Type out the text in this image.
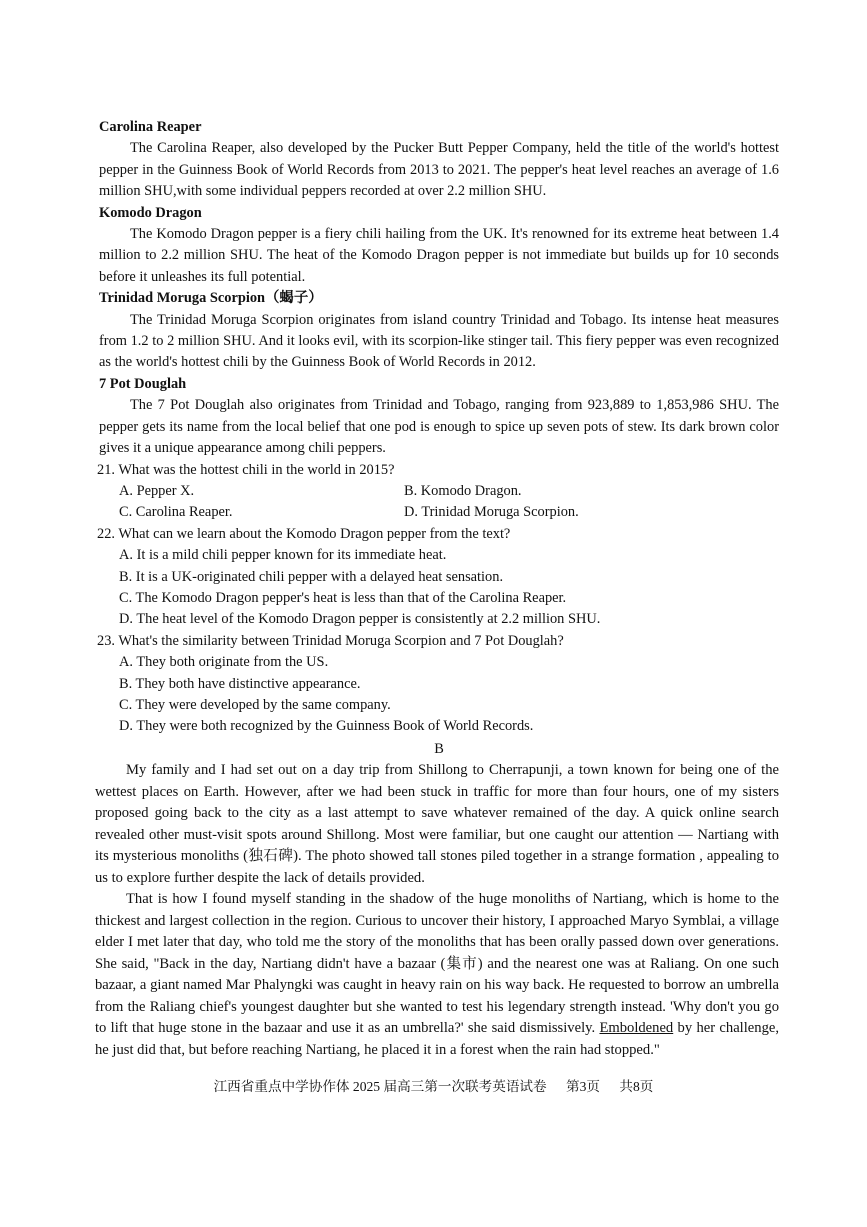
Carolina Reaper
The Carolina Reaper, also developed by the Pucker Butt Pepper Company, held the title of the world's hottest pepper in the Guinness Book of World Records from 2013 to 2021. The pepper's heat level reaches an average of 1.6 million SHU,with some individual peppers recorded at over 2.2 million SHU.
Komodo Dragon
The Komodo Dragon pepper is a fiery chili hailing from the UK. It's renowned for its extreme heat between 1.4 million to 2.2 million SHU. The heat of the Komodo Dragon pepper is not immediate but builds up for 10 seconds before it unleashes its full potential.
Trinidad Moruga Scorpion（蝎子）
The Trinidad Moruga Scorpion originates from island country Trinidad and Tobago. Its intense heat measures from 1.2 to 2 million SHU. And it looks evil, with its scorpion-like stinger tail. This fiery pepper was even recognized as the world's hottest chili by the Guinness Book of World Records in 2012.
7 Pot Douglah
The 7 Pot Douglah also originates from Trinidad and Tobago, ranging from 923,889 to 1,853,986 SHU. The pepper gets its name from the local belief that one pod is enough to spice up seven pots of stew. Its dark brown color gives it a unique appearance among chili peppers.
21. What was the hottest chili in the world in 2015?
A. Pepper X.	B. Komodo Dragon.
C. Carolina Reaper.	D. Trinidad Moruga Scorpion.
22. What can we learn about the Komodo Dragon pepper from the text?
A. It is a mild chili pepper known for its immediate heat.
B. It is a UK-originated chili pepper with a delayed heat sensation.
C. The Komodo Dragon pepper's heat is less than that of the Carolina Reaper.
D. The heat level of the Komodo Dragon pepper is consistently at 2.2 million SHU.
23. What's the similarity between Trinidad Moruga Scorpion and 7 Pot Douglah?
A. They both originate from the US.
B. They both have distinctive appearance.
C. They were developed by the same company.
D. They were both recognized by the Guinness Book of World Records.
B
My family and I had set out on a day trip from Shillong to Cherrapunji, a town known for being one of the wettest places on Earth. However, after we had been stuck in traffic for more than four hours, one of my sisters proposed going back to the city as a last attempt to save whatever remained of the day. A quick online search revealed other must-visit spots around Shillong. Most were familiar, but one caught our attention — Nartiang with its mysterious monoliths (独石碑). The photo showed tall stones piled together in a strange formation , appealing to us to explore further despite the lack of details provided.
That is how I found myself standing in the shadow of the huge monoliths of Nartiang, which is home to the thickest and largest collection in the region. Curious to uncover their history, I approached Maryo Symblai, a village elder I met later that day, who told me the story of the monoliths that has been orally passed down over generations. She said, "Back in the day, Nartiang didn't have a bazaar (集市) and the nearest one was at Raliang. On one such bazaar, a giant named Mar Phalyngki was caught in heavy rain on his way back. He requested to borrow an umbrella from the Raliang chief's youngest daughter but she wanted to test his legendary strength instead. 'Why don't you go to lift that huge stone in the bazaar and use it as an umbrella?' she said dismissively. Emboldened by her challenge, he just did that, but before reaching Nartiang, he placed it in a forest when the rain had stopped."
江西省重点中学协作体 2025 届高三第一次联考英语试卷 第3页 共8页
